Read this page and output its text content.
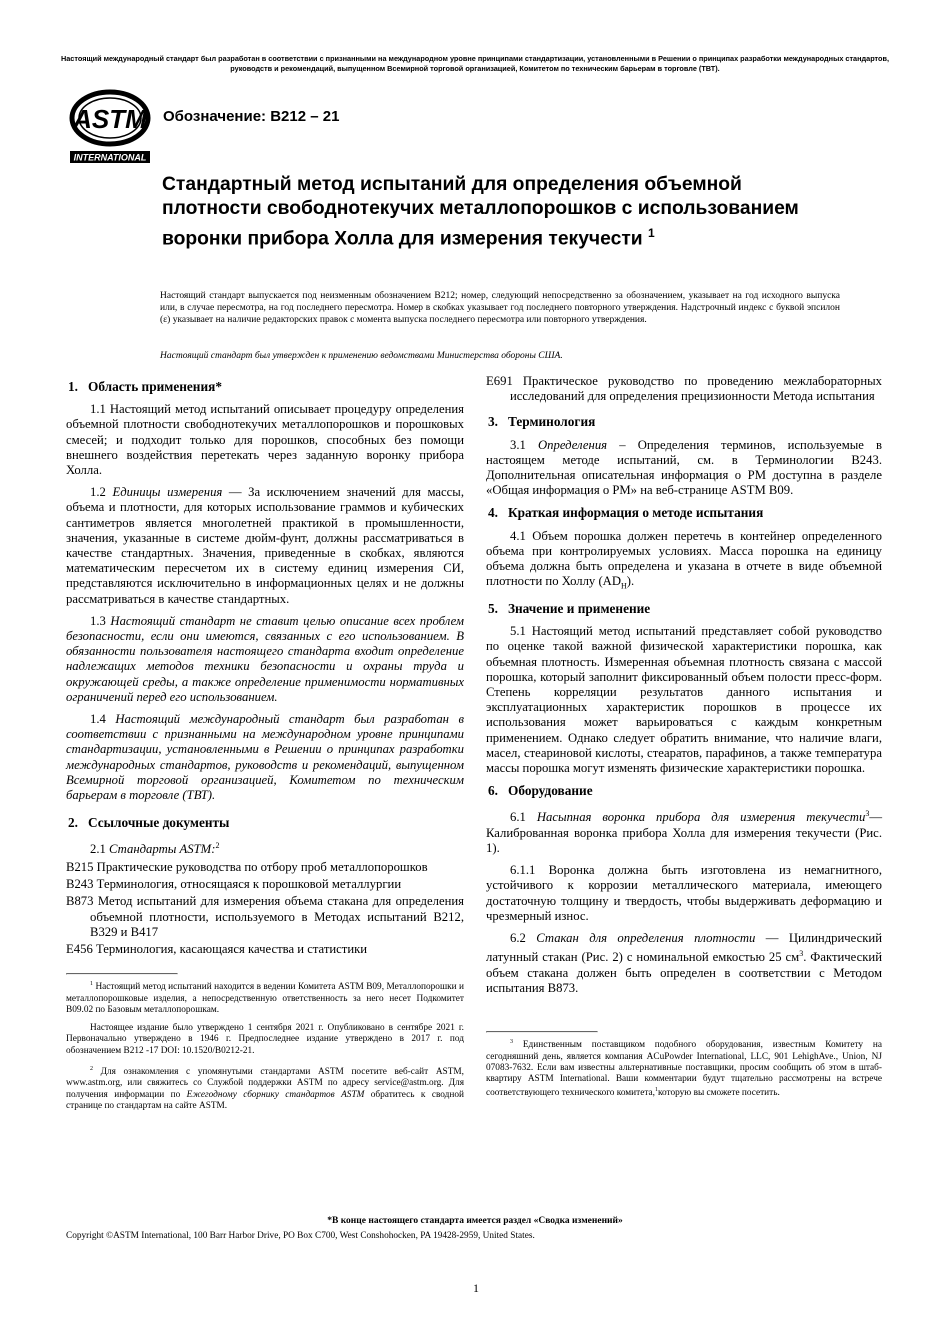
Настоящий международный стандарт был разработан в соответствии с признанными на международном уровне принципами стандартизации, установленными в Решении о принципах разработки международных стандартов, руководств и рекомендаций, выпущенном Всемирной торговой организацией, Комитетом по техническим барьерам в торговле (ТВТ).
ASTM
INTERNATIONAL
Обозначение: B212 – 21
Стандартный метод испытаний для определения объемной плотности свободнотекучих металлопорошков с использованием воронки прибора Холла для измерения текучести $^1$
Настоящий стандарт выпускается под неизменным обозначением B212; номер, следующий непосредственно за обозначением, указывает на год исходного выпуска или, в случае пересмотра, на год последнего пересмотра. Номер в скобках указывает год последнего повторного утверждения. Надстрочный индекс с буквой эпсилон (ε) указывает на наличие редакторских правок с момента выпуска последнего пересмотра или повторного утверждения.
Настоящий стандарт был утвержден к применению ведомствами Министерства обороны США.
1. Область применения*

1.1 Настоящий метод испытаний описывает процедуру определения объемной плотности свободнотекучих металлопорошков и порошковых смесей; и подходит только для порошков, способных без помощи внешнего воздействия перетекать через заданную воронку прибора Холла.

1.2 Единицы измерения — За исключением значений для массы, объема и плотности, для которых использование граммов и кубических сантиметров является многолетней практикой в промышленности, значения, указанные в системе дюйм-фунт, должны рассматриваться в качестве стандартных. Значения, приведенные в скобках, являются математическим пересчетом их в систему единиц измерения СИ, представляются исключительно в информационных целях и не должны рассматриваться в качестве стандартных.

1.3 Настоящий стандарт не ставит целью описание всех проблем безопасности, если они имеются, связанных с его использованием. В обязанности пользователя настоящего стандарта входит определение надлежащих методов техники безопасности и охраны труда и окружающей среды, а также определение применимости нормативных ограничений перед его использованием.

1.4 Настоящий международный стандарт был разработан в соответствии с признанными на международном уровне принципами стандартизации, установленными в Решении о принципах разработки международных стандартов, руководств и рекомендаций, выпущенном Всемирной торговой организацией, Комитетом по техническим барьерам в торговле (ТВТ).

2. Ссылочные документы

2.1 Стандарты ASTM:$^2$

B215 Практические руководства по отбору проб металлопорошков
B243 Терминология, относящаяся к порошковой металлургии
B873 Метод испытаний для измерения объема стакана для определения объемной плотности, используемого в Методах испытаний B212, B329 и B417
E456 Терминология, касающаяся качества и статистики

$^1$ Настоящий метод испытаний находится в ведении Комитета ASTM B09, Металлопорошки и металлопорошковые изделия, а непосредственную ответственность за него несет Подкомитет B09.02 по Базовым металлопорошкам.

Настоящее издание было утверждено 1 сентября 2021 г. Опубликовано в сентябре 2021 г. Первоначально утверждено в 1946 г. Предпоследнее издание утверждено в 2017 г. под обозначением B212 -17 DOI: 10.1520/B0212-21.

$^2$ Для ознакомления с упомянутыми стандартами ASTM посетите веб-сайт ASTM, www.astm.org, или свяжитесь со Службой поддержки ASTM по адресу service@astm.org. Для получения информации по Ежегодному сборнику стандартов ASTM обратитесь к сводной странице по стандартам на сайте ASTM.

E691 Практическое руководство по проведению межлабораторных исследований для определения прецизионности Метода испытания
3. Терминология

3.1 Определения – Определения терминов, используемые в настоящем методе испытаний, см. в Терминологии B243. Дополнительная описательная информация о PM доступна в разделе «Общая информация о PM» на веб-странице ASTM B09.

4. Краткая информация о методе испытания

4.1 Объем порошка должен перетечь в контейнер определенного объема при контролируемых условиях. Масса порошка на единицу объема должна быть определена и указана в отчете в виде объемной плотности по Холлу $(AD_H)$.

5. Значение и применение

5.1 Настоящий метод испытаний представляет собой руководство по оценке такой важной физической характеристики порошка, как объемная плотность. Измеренная объемная плотность связана с массой порошка, который заполнит фиксированный объем полости пресс-форм. Степень корреляции результатов данного испытания и эксплуатационных характеристик порошков в процессе их использования может варьироваться с каждым конкретным применением. Однако следует обратить внимание, что наличие влаги, масел, стеариновой кислоты, стеаратов, парафинов, а также температура массы порошка могут изменять физические характеристики порошка.

6. Оборудование

6.1 Насыпная воронка прибора для измерения текучести$^3$— Калиброванная воронка прибора Холла для измерения текучести (Рис. 1).

6.1.1 Воронка должна быть изготовлена из немагнитного, устойчивого к коррозии металлического материала, имеющего достаточную толщину и твердость, чтобы выдерживать деформацию и чрезмерный износ.

6.2 Стакан для определения плотности — Цилиндрический латунный стакан (Рис. 2) с номинальной емкостью 25 $см^3$. Фактический объем стакана должен быть определен в соответствии с Методом испытания B873.

$^3$ Единственным поставщиком подобного оборудования, известным Комитету на сегодняшний день, является компания ACuPowder International, LLC, 901 LehighAve., Union, NJ 07083-7632. Если вам известны альтернативные поставщики, просим сообщить об этом в штаб-квартиру ASTM International. Ваши комментарии будут тщательно рассмотрены на встрече соответствующего технического комитета,$^1$которую вы сможете посетить.

*В конце настоящего стандарта имеется раздел «Сводка изменений»
Copyright ©ASTM International, 100 Barr Harbor Drive, PO Box C700, West Conshohocken, PA 19428-2959, United States.
1
